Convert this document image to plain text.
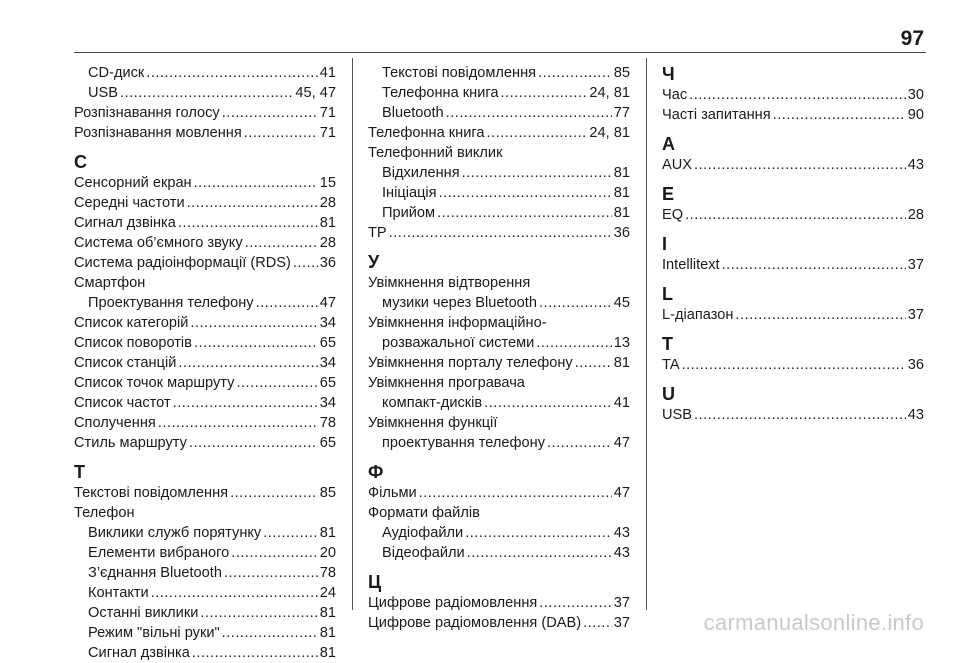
97
CD-диск .....	41
USB .....	45, 47
Розпізнавання голосу .....	71
Розпізнавання мовлення .....	71
С
Сенсорний екран .....	15
Середні частоти .....	28
Сигнал дзвінка .....	81
Система об’ємного звуку .....	28
Система радіоінформації (RDS) ..... 36
Смартфон
Проектування телефону .....	47
Список категорій .....	34
Список поворотів .....	65
Список станцій .....	34
Список точок маршруту .....	65
Список частот .....	34
Сполучення .....	78
Стиль маршруту .....	65
Т
Текстові повідомлення .....	85
Телефон
Виклики служб порятунку .....	81
Елементи вибраного .....	20
З’єднання Bluetooth .....	78
Контакти .....	24
Останні виклики .....	81
Режим "вільні руки" .....	81
Сигнал дзвінка .....	81
Текстові повідомлення .....	85
Телефонна книга .....	24, 81
Bluetooth .....	77
Телефонна книга .....	24, 81
Телефонний виклик
Відхилення .....	81
Ініціація .....	81
Прийом .....	81
TP .....	36
У
Увімкнення відтворення
музики через Bluetooth .....	45
Увімкнення інформаційно-
розважальної системи .....	13
Увімкнення порталу телефону .....	81
Увімкнення програвача
компакт-дисків .....	41
Увімкнення функції
проектування телефону .....	47
Ф
Фільми .....	47
Формати файлів
Аудіофайли .....	43
Відеофайли .....	43
Ц
Цифрове радіомовлення .....	37
Цифрове радіомовлення (DAB) ..... 37
Ч
Час .....	30
Часті запитання .....	90
A
AUX .....	43
E
EQ .....	28
I
Intellitext .....	37
L
L-діапазон .....	37
T
TA .....	36
U
USB .....	43
carmanualsonline.info
